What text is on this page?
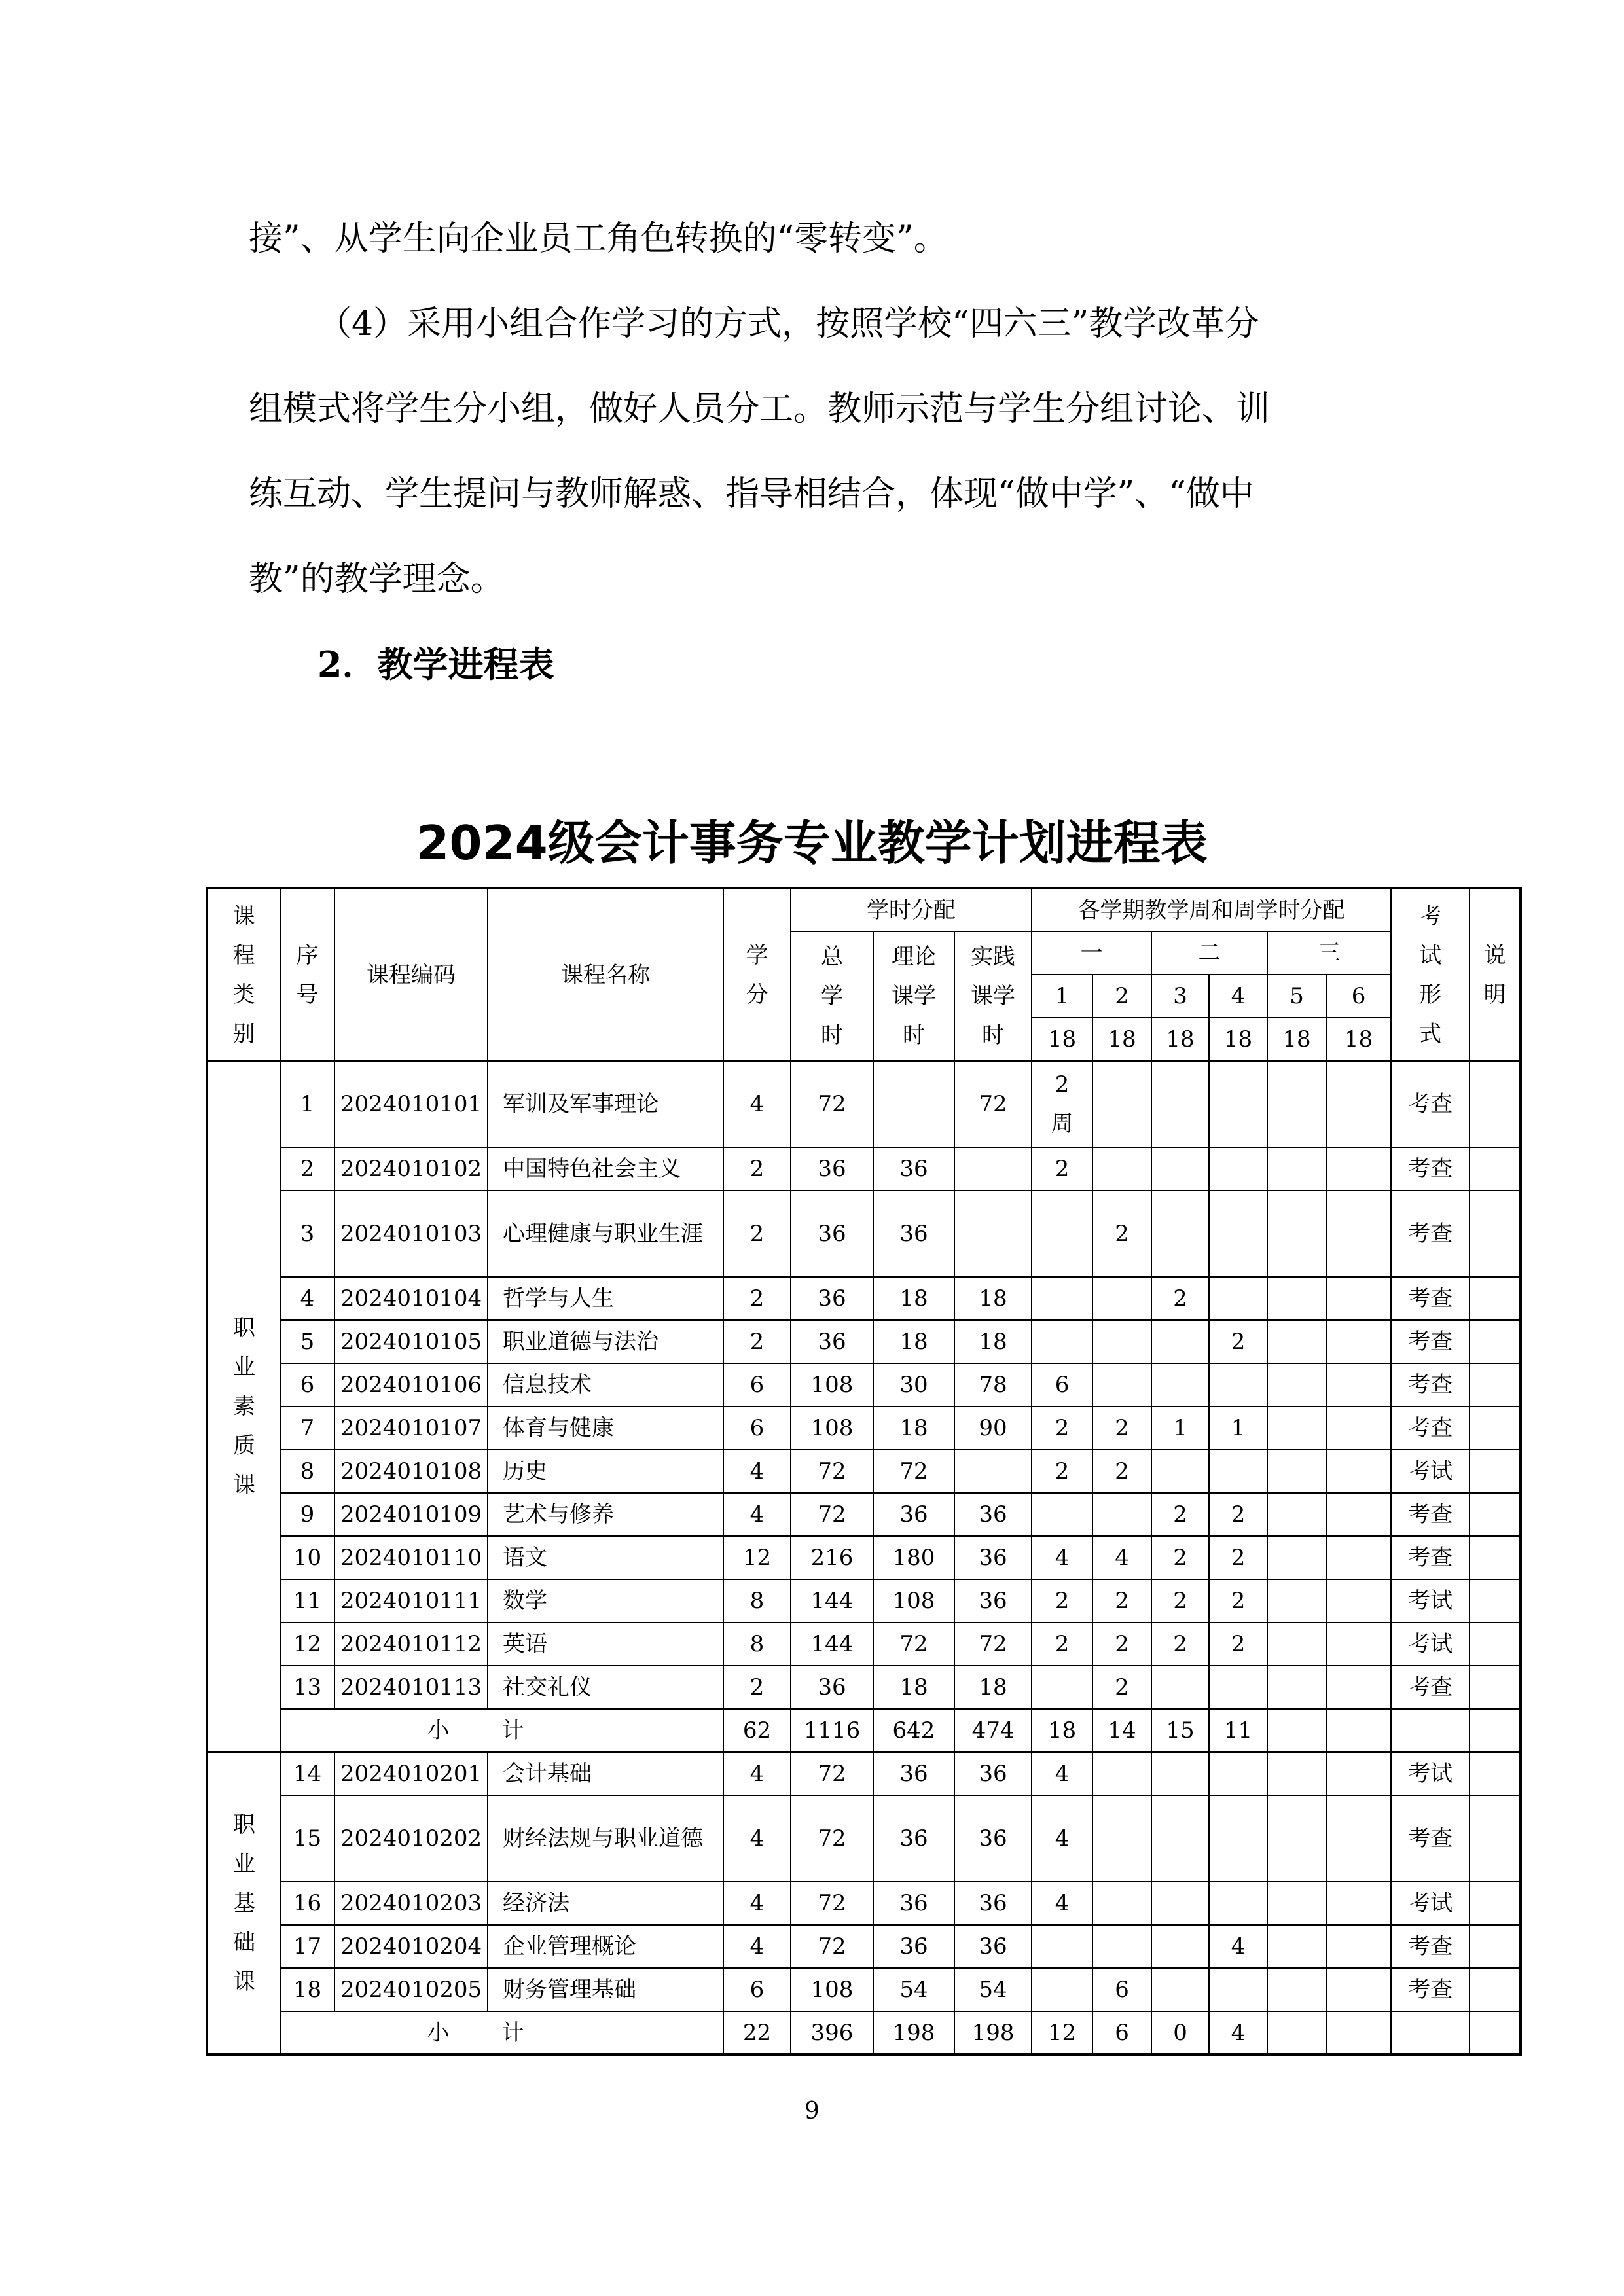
接”、从学生向企业员工角色转换的“零转变”。

（4）采用小组合作学习的方式，按照学校“四六三”教学改革分

组模式将学生分小组，做好人员分工。教师示范与学生分组讨论、训

练互动、学生提问与教师解惑、指导相结合，体现“做中学”、“做中

教”的教学理念。

2．教学进程表
2024级会计事务专业教学计划进程表
课程类别	序号	课程编码	课程名称	学分	学时分配			各学期教学周和周学时分配						考试形式	说明
					总学时	理论课学时	实践课学时	一		二		三			
								1	2	3	4	5	6		
								18	18	18	18	18	18		
职业素质课	1	2024010101	军训及军事理论	4	72		72	2周						考查	
	2	2024010102	中国特色社会主义	2	36	36		2						考查	
	3	2024010103	心理健康与职业生涯	2	36	36			2					考查	
	4	2024010104	哲学与人生	2	36	18	18			2				考查	
	5	2024010105	职业道德与法治	2	36	18	18				2			考查	
	6	2024010106	信息技术	6	108	30	78	6						考查	
	7	2024010107	体育与健康	6	108	18	90	2	2	1	1			考查	
	8	2024010108	历史	4	72	72		2	2					考试	
	9	2024010109	艺术与修养	4	72	36	36			2	2			考查	
	10	2024010110	语文	12	216	180	36	4	4	2	2			考查	
	11	2024010111	数学	8	144	108	36	2	2	2	2			考试	
	12	2024010112	英语	8	144	72	72	2	2	2	2			考试	
	13	2024010113	社交礼仪	2	36	18	18		2					考查	
	小计			62	1116	642	474	18	14	15	11				
职业基础课	14	2024010201	会计基础	4	72	36	36	4						考试	
	15	2024010202	财经法规与职业道德	4	72	36	36	4						考查	
	16	2024010203	经济法	4	72	36	36	4						考试	
	17	2024010204	企业管理概论	4	72	36	36				4			考查	
	18	2024010205	财务管理基础	6	108	54	54		6					考查	
	小计			22	396	198	198	12	6	0	4				

9
